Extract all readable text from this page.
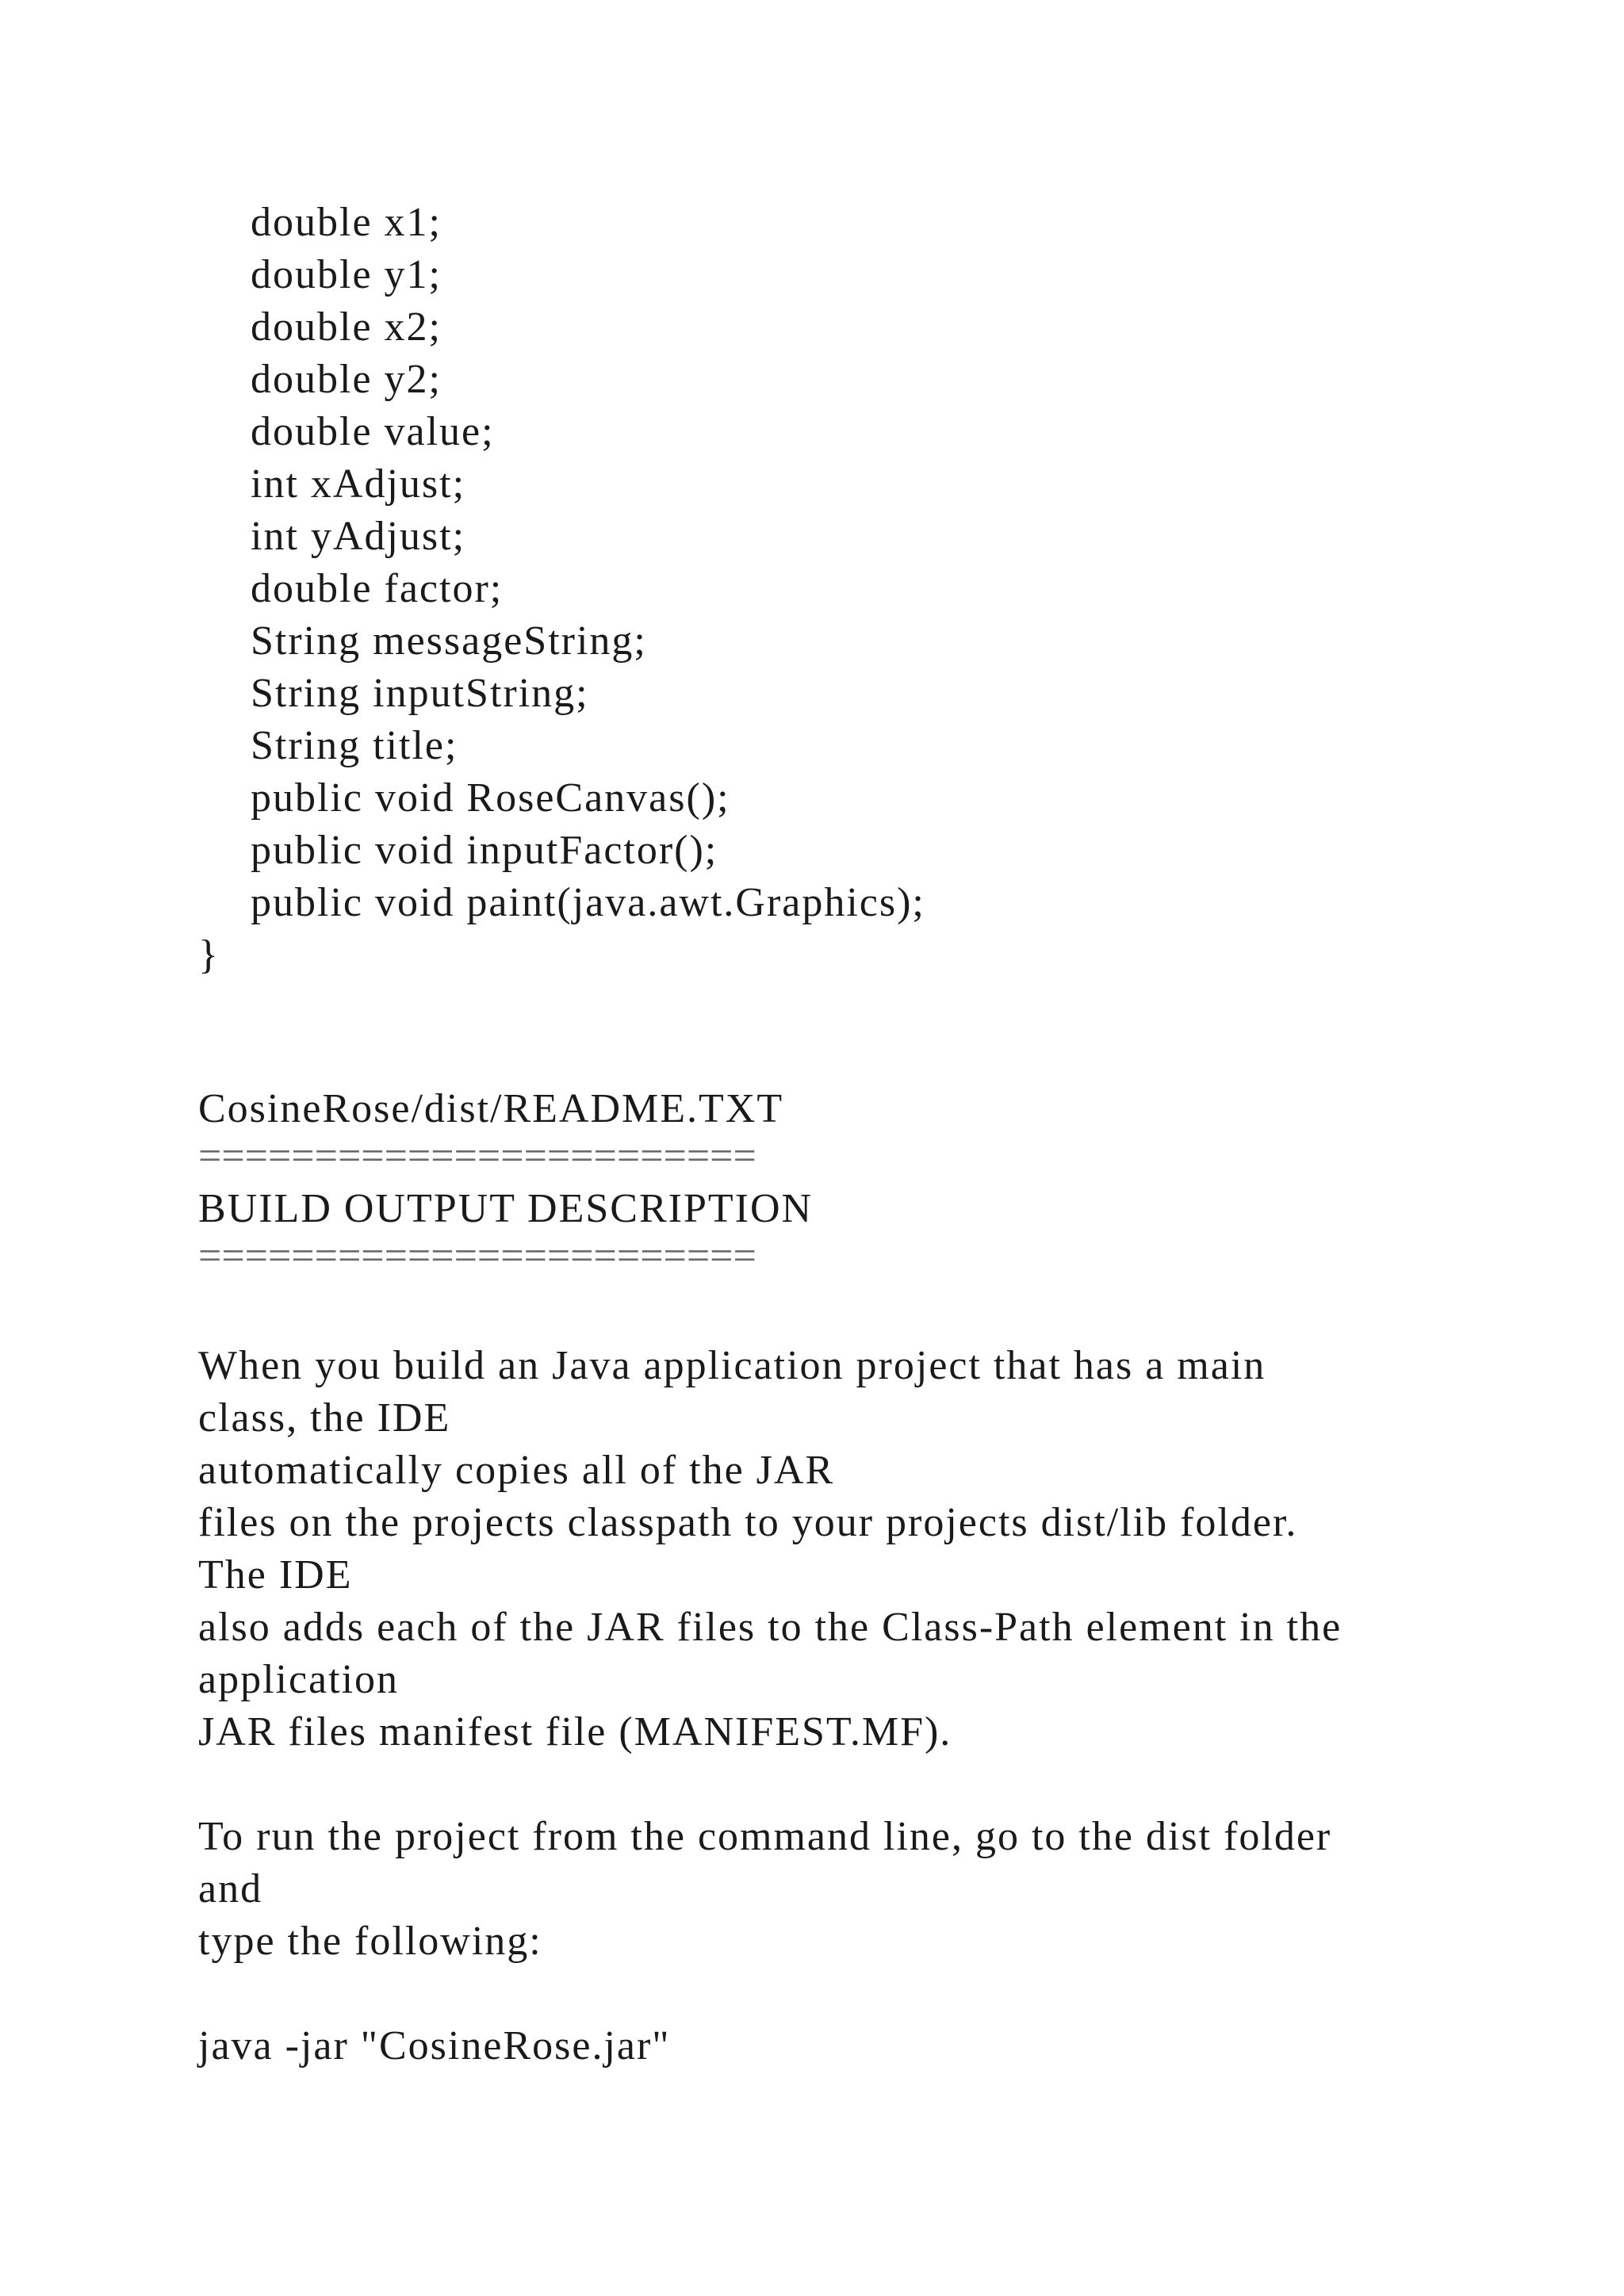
double x1;
double y1;
double x2;
double y2;
double value;
int xAdjust;
int yAdjust;
double factor;
String messageString;
String inputString;
String title;
public void RoseCanvas();
public void inputFactor();
public void paint(java.awt.Graphics);
}
CosineRose/dist/README.TXT
========================
BUILD OUTPUT DESCRIPTION
========================
When you build an Java application project that has a main
class, the IDE
automatically copies all of the JAR
files on the projects classpath to your projects dist/lib folder.
The IDE
also adds each of the JAR files to the Class-Path element in the
application
JAR files manifest file (MANIFEST.MF).
To run the project from the command line, go to the dist folder
and
type the following:
java -jar "CosineRose.jar"
